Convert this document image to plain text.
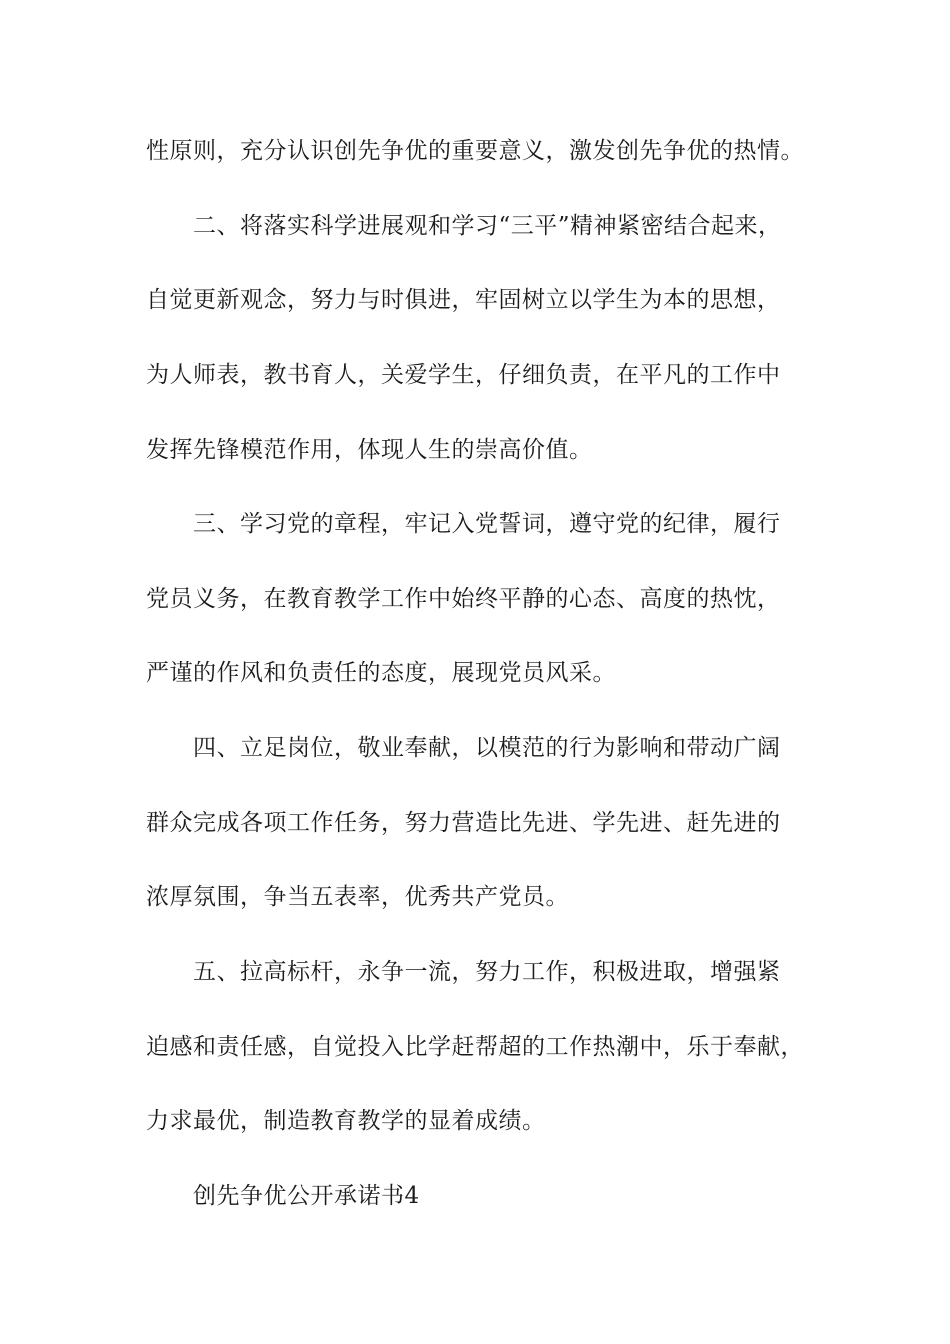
性原则，充分认识创先争优的重要意义，激发创先争优的热情。
二、将落实科学进展观和学习“三平”精神紧密结合起来，
自觉更新观念，努力与时俱进，牢固树立以学生为本的思想，
为人师表，教书育人，关爱学生，仔细负责，在平凡的工作中
发挥先锋模范作用，体现人生的崇高价值。
三、学习党的章程，牢记入党誓词，遵守党的纪律，履行
党员义务，在教育教学工作中始终平静的心态、高度的热忱，
严谨的作风和负责任的态度，展现党员风采。
四、立足岗位，敬业奉献，以模范的行为影响和带动广阔
群众完成各项工作任务，努力营造比先进、学先进、赶先进的
浓厚氛围，争当五表率，优秀共产党员。
五、拉高标杆，永争一流，努力工作，积极进取，增强紧
迫感和责任感，自觉投入比学赶帮超的工作热潮中，乐于奉献，
力求最优，制造教育教学的显着成绩。
创先争优公开承诺书4
